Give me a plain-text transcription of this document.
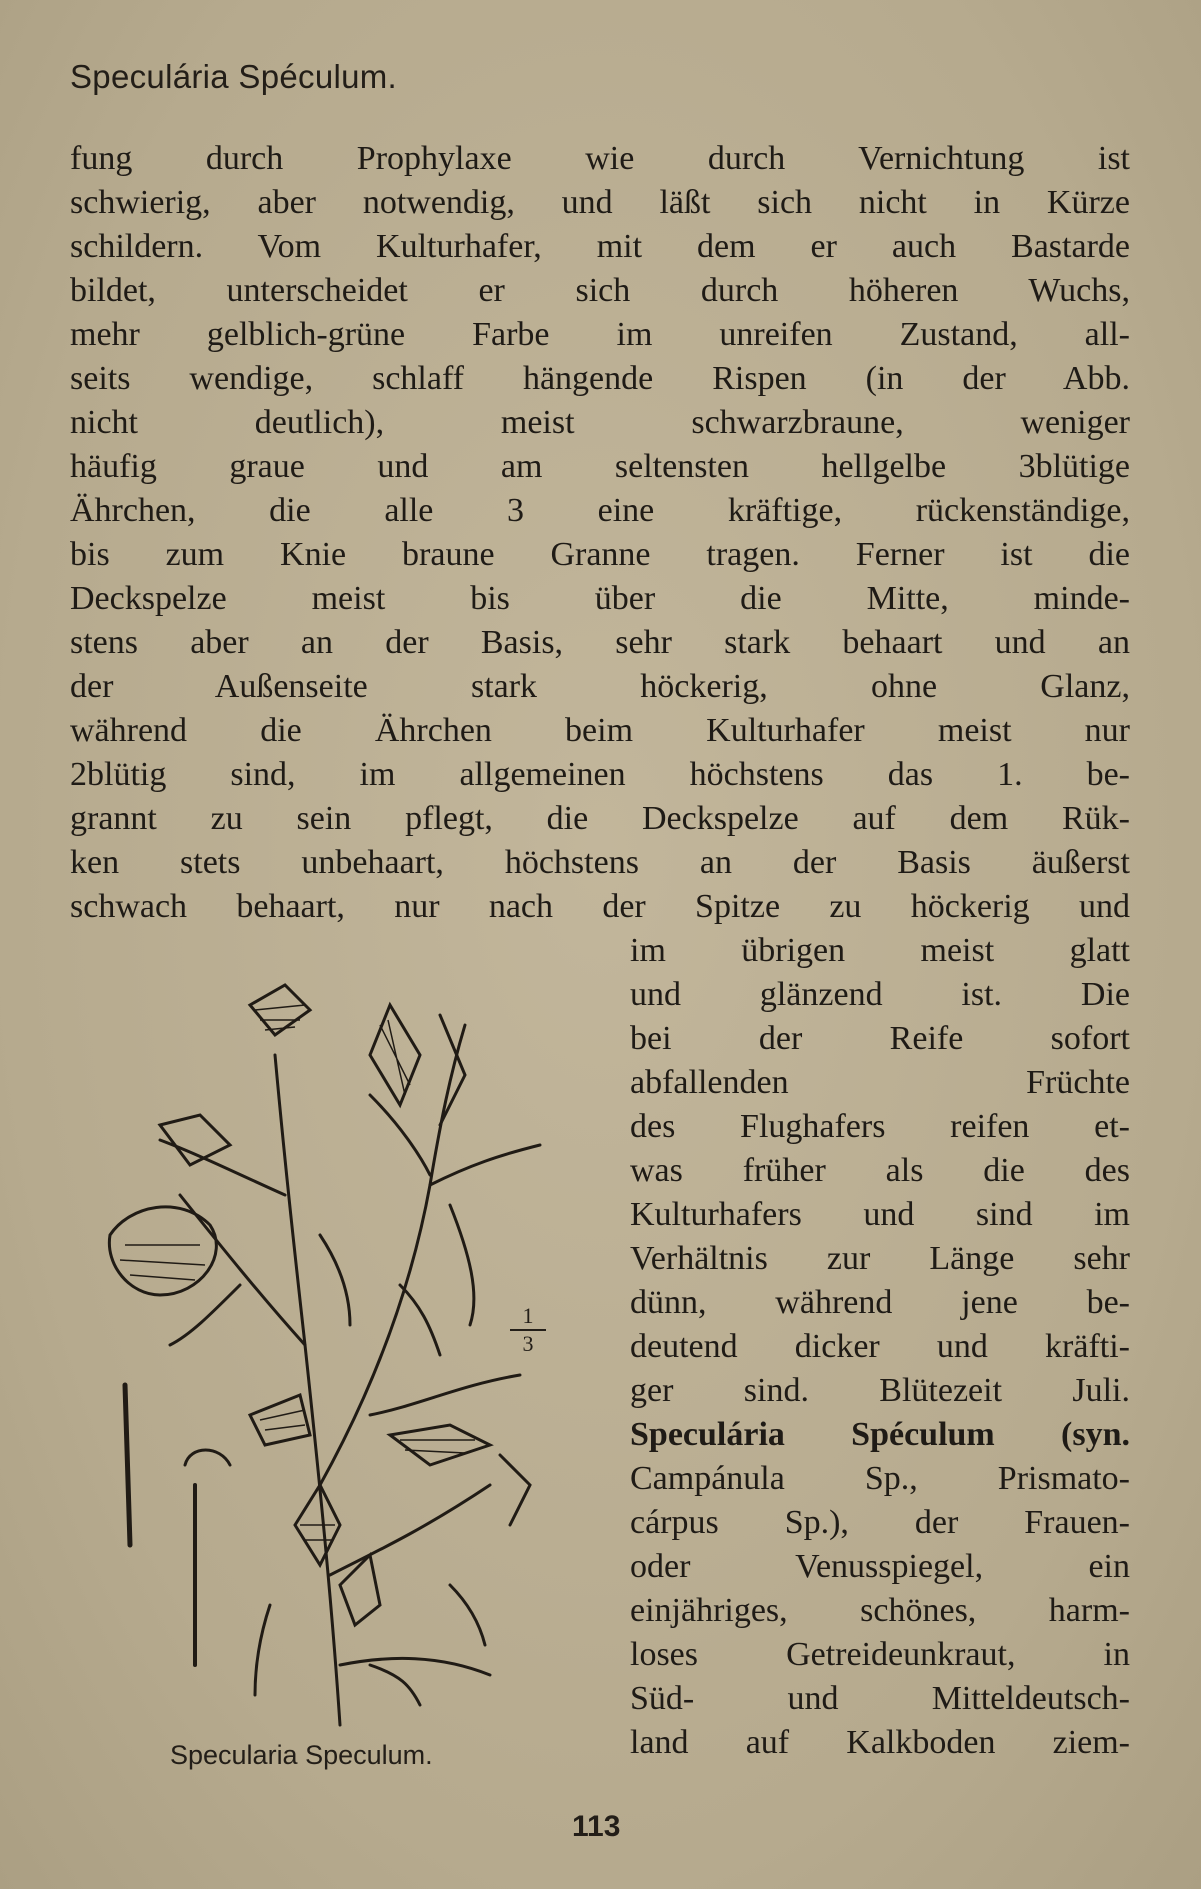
Speculária Spéculum.
fung durch Prophylaxe wie durch Vernichtung ist
schwierig, aber notwendig, und läßt sich nicht in Kürze
schildern. Vom Kulturhafer, mit dem er auch Bastarde
bildet, unterscheidet er sich durch höheren Wuchs,
mehr gelblich-grüne Farbe im unreifen Zustand, all-
seits wendige, schlaff hängende Rispen (in der Abb.
nicht deutlich), meist schwarzbraune, weniger
häufig graue und am seltensten hellgelbe 3blütige
Ährchen, die alle 3 eine kräftige, rückenständige,
bis zum Knie braune Granne tragen. Ferner ist die
Deckspelze meist bis über die Mitte, minde-
stens aber an der Basis, sehr stark behaart und an
der Außenseite stark höckerig, ohne Glanz,
während die Ährchen beim Kulturhafer meist nur
2blütig sind, im allgemeinen höchstens das 1. be-
grannt zu sein pflegt, die Deckspelze auf dem Rük-
ken stets unbehaart, höchstens an der Basis äußerst
schwach behaart, nur nach der Spitze zu höckerig und
im übrigen meist glatt
und glänzend ist. Die
bei der Reife sofort
abfallenden Früchte
des Flughafers reifen et-
was früher als die des
Kulturhafers und sind im
Verhältnis zur Länge sehr
dünn, während jene be-
deutend dicker und kräfti-
ger sind. Blütezeit Juli.
Speculária Spéculum (syn.
Campánula Sp., Prismato-
cárpus Sp.), der Frauen-
oder Venusspiegel, ein
einjähriges, schönes, harm-
loses Getreideunkraut, in
Süd- und Mitteldeutsch-
land auf Kalkboden ziem-
1
3
Specularia Speculum.
113
